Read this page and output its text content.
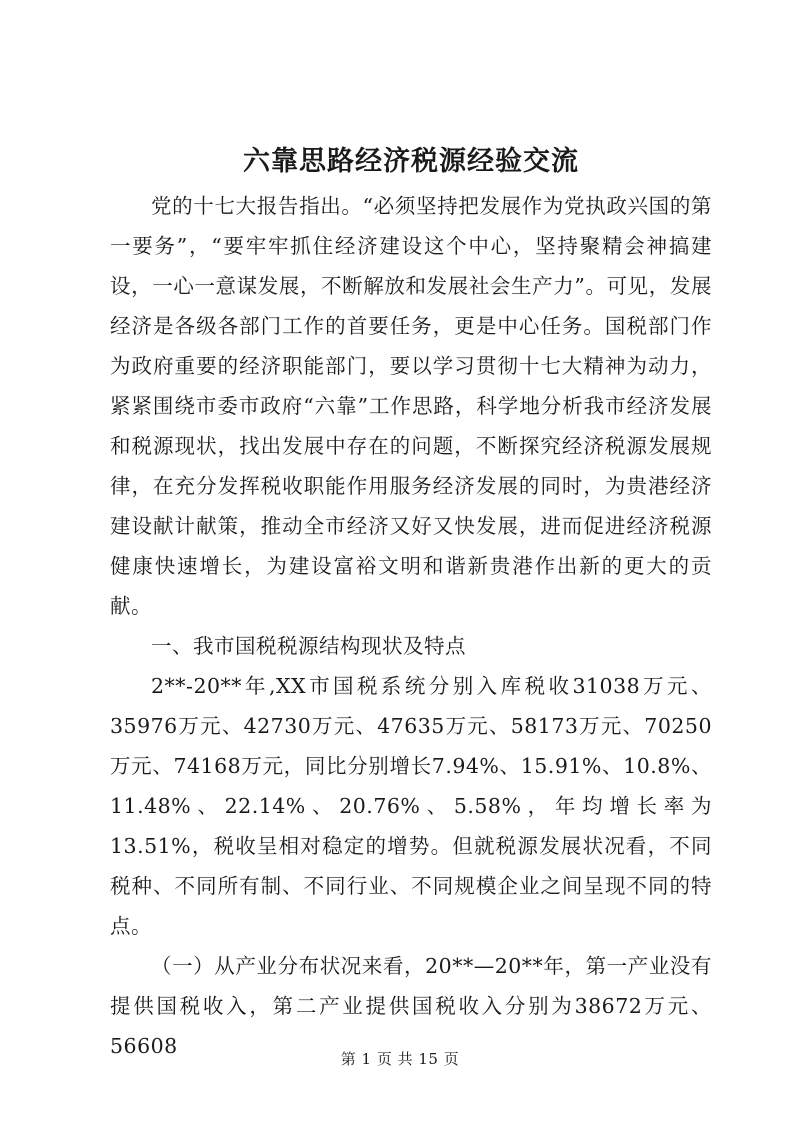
六靠思路经济税源经验交流

党的十七大报告指出。“必须坚持把发展作为党执政兴国的第一要务”，“要牢牢抓住经济建设这个中心，坚持聚精会神搞建设，一心一意谋发展，不断解放和发展社会生产力”。可见，发展经济是各级各部门工作的首要任务，更是中心任务。国税部门作为政府重要的经济职能部门，要以学习贯彻十七大精神为动力，紧紧围绕市委市政府“六靠”工作思路，科学地分析我市经济发展和税源现状，找出发展中存在的问题，不断探究经济税源发展规律，在充分发挥税收职能作用服务经济发展的同时，为贵港经济建设献计献策，推动全市经济又好又快发展，进而促进经济税源健康快速增长，为建设富裕文明和谐新贵港作出新的更大的贡献。

一、我市国税税源结构现状及特点

2**-20**年,XX市国税系统分别入库税收31038万元、35976万元、42730万元、47635万元、58173万元、70250万元、74168万元，同比分别增长7.94%、15.91%、10.8%、11.48%、22.14%、20.76%、5.58%，年均增长率为13.51%，税收呈相对稳定的增势。但就税源发展状况看，不同税种、不同所有制、不同行业、不同规模企业之间呈现不同的特点。

（一）从产业分布状况来看，20**—20**年，第一产业没有提供国税收入，第二产业提供国税收入分别为38672万元、56608

第 1 页 共 15 页
